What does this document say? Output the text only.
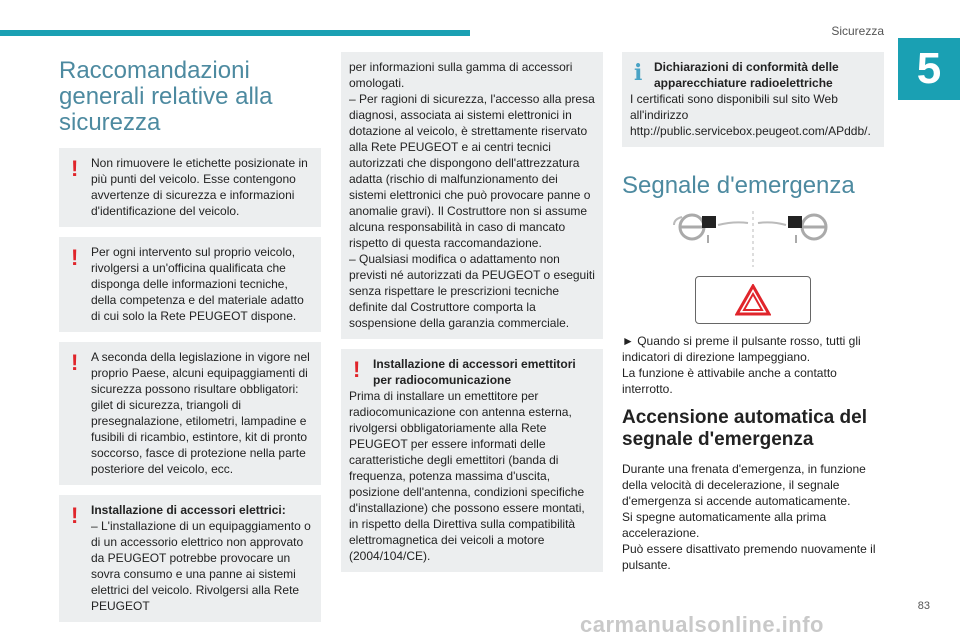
Sicurezza
5
Raccomandazioni generali relative alla sicurezza
!	Non rimuovere le etichette posizionate in più punti del veicolo. Esse contengono avvertenze di sicurezza e informazioni d'identificazione del veicolo.

!	Per ogni intervento sul proprio veicolo, rivolgersi a un'officina qualificata che disponga delle informazioni tecniche, della competenza e del materiale adatto di cui solo la Rete PEUGEOT dispone.

!	A seconda della legislazione in vigore nel proprio Paese, alcuni equipaggiamenti di sicurezza possono risultare obbligatori: gilet di sicurezza, triangoli di presegnalazione, etilometri, lampadine e fusibili di ricambio, estintore, kit di pronto soccorso, fasce di protezione nella parte posteriore del veicolo, ecc.

!	Installazione di accessori elettrici:

– L'installazione di un equipaggiamento o di un accessorio elettrico non approvato da PEUGEOT potrebbe provocare un sovra consumo e una panne ai sistemi elettrici del veicolo. Rivolgersi alla Rete PEUGEOT

per informazioni sulla gamma di accessori omologati.
– Per ragioni di sicurezza, l'accesso alla presa diagnosi, associata ai sistemi elettronici in dotazione al veicolo, è strettamente riservato alla Rete PEUGEOT e ai centri tecnici autorizzati che dispongono dell'attrezzatura adatta (rischio di malfunzionamento dei sistemi elettronici che può provocare panne o anomalie gravi). Il Costruttore non si assume alcuna responsabilità in caso di mancato rispetto di questa raccomandazione.
– Qualsiasi modifica o adattamento non previsti né autorizzati da PEUGEOT o eseguiti senza rispettare le prescrizioni tecniche definite dal Costruttore comporta la sospensione della garanzia commerciale.

!	Installazione di accessori emettitori per radiocomunicazione

Prima di installare un emettitore per radiocomunicazione con antenna esterna, rivolgersi obbligatoriamente alla Rete PEUGEOT per essere informati delle caratteristiche degli emettitori (banda di frequenza, potenza massima d'uscita, posizione dell'antenna, condizioni specifiche d'installazione) che possono essere montati, in rispetto della Direttiva sulla compatibilità elettromagnetica dei veicoli a motore (2004/104/CE).

i Dichiarazioni di conformità delle apparecchiature radioelettriche

I certificati sono disponibili sul sito Web all'indirizzo http://public.servicebox.peugeot.com/APddb/.

Segnale d'emergenza

► Quando si preme il pulsante rosso, tutti gli indicatori di direzione lampeggiano.
La funzione è attivabile anche a contatto interrotto.

Accensione automatica del segnale d'emergenza

Durante una frenata d'emergenza, in funzione della velocità di decelerazione, il segnale d'emergenza si accende automaticamente.
Si spegne automaticamente alla prima accelerazione.
Può essere disattivato premendo nuovamente il pulsante.

carmanualsonline.info
83
